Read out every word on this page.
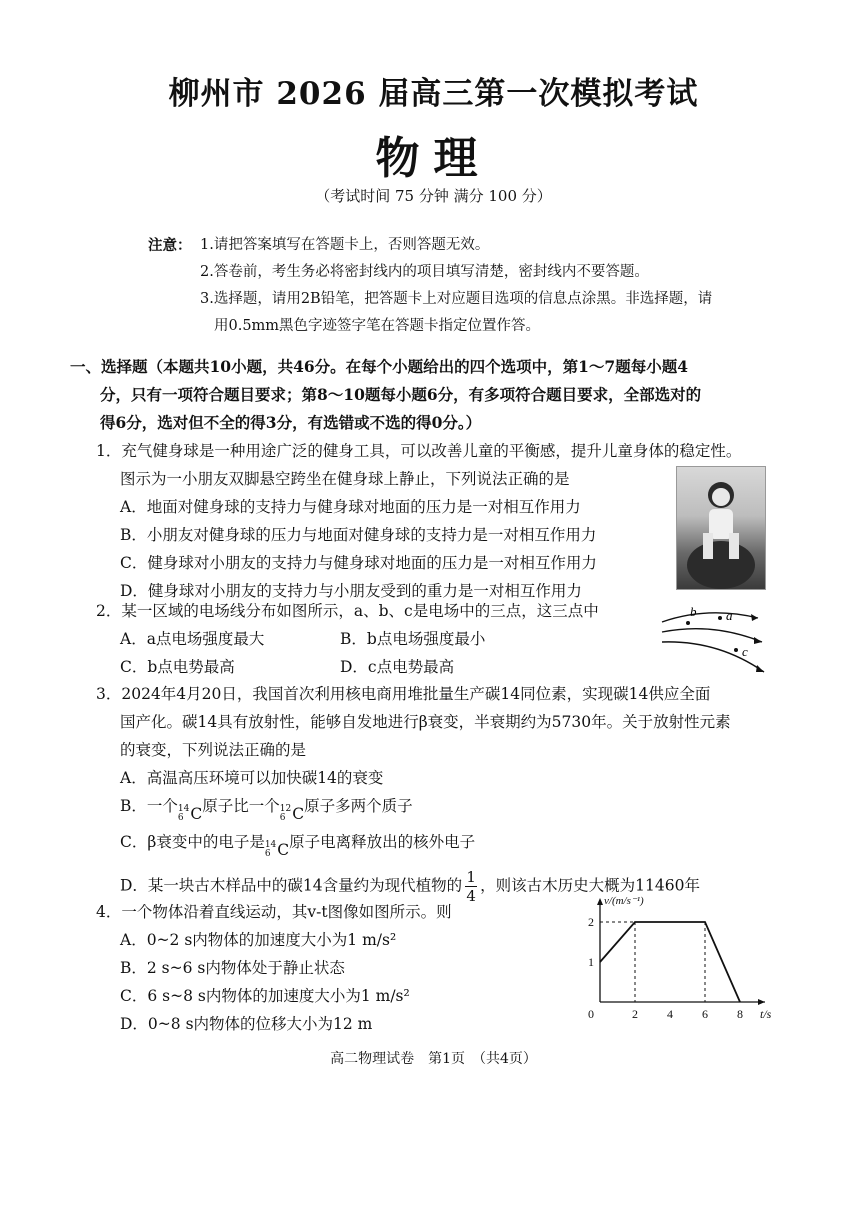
柳州市 2026 届高三第一次模拟考试
物理
（考试时间 75 分钟 满分 100 分）
注意： 1.请把答案填写在答题卡上，否则答题无效。
2.答卷前，考生务必将密封线内的项目填写清楚，密封线内不要答题。
3.选择题，请用2B铅笔，把答题卡上对应题目选项的信息点涂黑。非选择题，请
用0.5mm黑色字迹签字笔在答题卡指定位置作答。
一、选择题（本题共10小题，共46分。在每个小题给出的四个选项中，第1～7题每小题4
分，只有一项符合题目要求；第8～10题每小题6分，有多项符合题目要求，全部选对的
得6分，选对但不全的得3分，有选错或不选的得0分。）
1．充气健身球是一种用途广泛的健身工具，可以改善儿童的平衡感，提升儿童身体的稳定性。
图示为一小朋友双脚悬空跨坐在健身球上静止，下列说法正确的是
A．地面对健身球的支持力与健身球对地面的压力是一对相互作用力
B．小朋友对健身球的压力与地面对健身球的支持力是一对相互作用力
C．健身球对小朋友的支持力与健身球对地面的压力是一对相互作用力
D．健身球对小朋友的支持力与小朋友受到的重力是一对相互作用力
2．某一区域的电场线分布如图所示，a、b、c是电场中的三点，这三点中
A．a点电场强度最大	B．b点电场强度最小
C．b点电势最高	D．c点电势最高
a
b
c
3．2024年4月20日，我国首次利用核电商用堆批量生产碳14同位素，实现碳14供应全面
国产化。碳14具有放射性，能够自发地进行β衰变，半衰期约为5730年。关于放射性元素
的衰变，下列说法正确的是
A．高温高压环境可以加快碳14的衰变
B．一个 14
6 C 原子比一个 12
6 C 原子多两个质子
C．β衰变中的电子是 14
6 C 原子电离释放出的核外电子
D．某一块古木样品中的碳14含量约为现代植物的 $\frac{1}{4}$ ，则该古木历史大概为11460年
4．一个物体沿着直线运动，其v-t图像如图所示。则
A．0~2 s内物体的加速度大小为1 m/s²
B．2 s~6 s内物体处于静止状态
C．6 s~8 s内物体的加速度大小为1 m/s²
D．0~8 s内物体的位移大小为12 m
0	2 4 6 8
1
2
v/(m/s⁻¹)
t/s
高二物理试卷　第1页　（共4页）
